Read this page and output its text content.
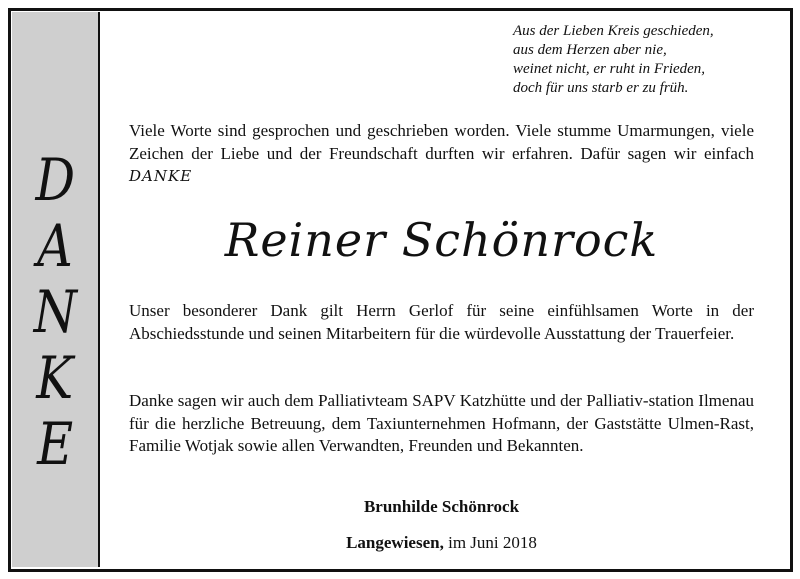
D
A
N
K
E
Aus der Lieben Kreis geschieden,
aus dem Herzen aber nie,
weinet nicht, er ruht in Frieden,
doch für uns starb er zu früh.
Viele Worte sind gesprochen und geschrieben worden. Viele stumme Umarmungen, viele Zeichen der Liebe und der Freundschaft durften wir erfahren. Dafür sagen wir einfach DANKE
Reiner Schönrock
Unser besonderer Dank gilt Herrn Gerlof für seine einfühlsamen Worte in der Abschiedsstunde und seinen Mitarbeitern für die würdevolle Ausstattung der Trauerfeier.
Danke sagen wir auch dem Palliativteam SAPV Katzhütte und der Palliativ-station Ilmenau für die herzliche Betreuung, dem Taxiunternehmen Hofmann, der Gaststätte Ulmen-Rast, Familie Wotjak sowie allen Verwandten, Freunden und Bekannten.
Brunhilde Schönrock
Langewiesen, im Juni 2018
